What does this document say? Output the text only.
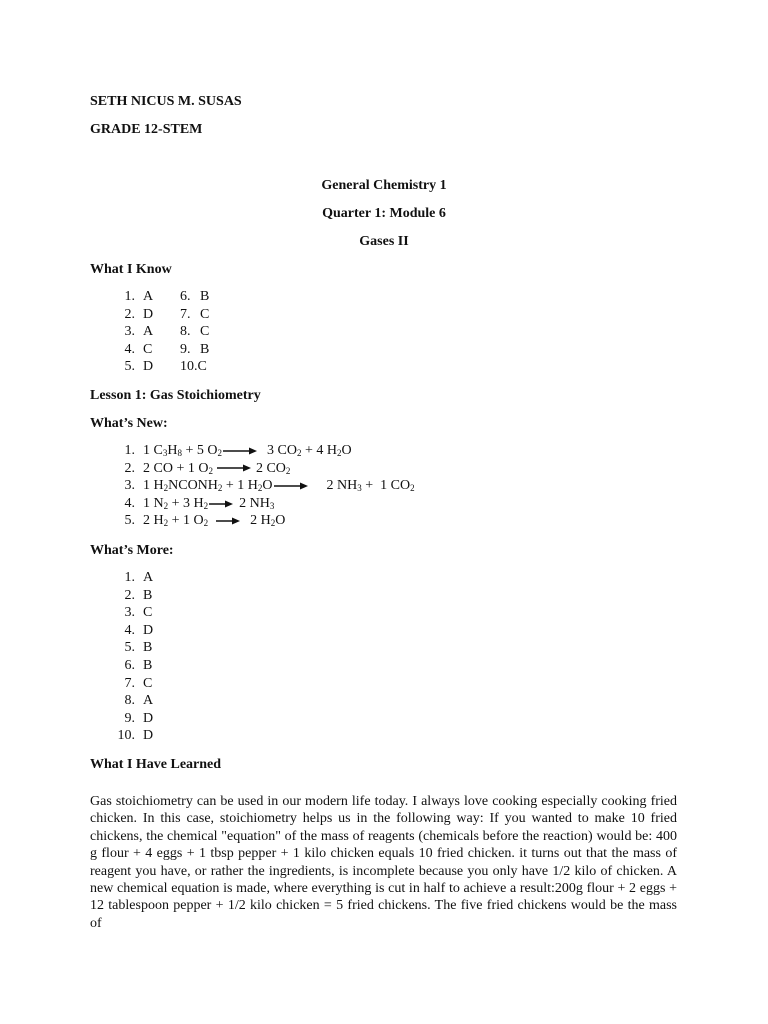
SETH NICUS M. SUSAS
GRADE 12-STEM
General Chemistry 1
Quarter 1: Module 6
Gases II
What I Know
1. A
2. D
3. A
4. C
5. D
6. B
7. C
8. C
9. B
10.C
Lesson 1: Gas Stoichiometry
What’s New:
1. 1 $C_3H_8 + 5$ $O_2$	3 $CO_2 + 4$ $H_2O$
2. 2 CO + 1 $O_2$	2 $CO_2$
3. 1 $H_2NCONH_2 + 1$ $H_2O$	2 $NH_3 + 1$ $CO_2$
4. 1 $N_2 + 3$ $H_2$ 2 $NH_3$
5. 2 $H_2 + 1$ $O_2$	2 $H_2O$
What’s More:
1. A
2. B
3. C
4. D
5. B
6. B
7. C
8. A
9. D
10. D
What I Have Learned
Gas stoichiometry can be used in our modern life today. I always love cooking especially cooking fried chicken. In this case, stoichiometry helps us in the following way: If you wanted to make 10 fried chickens, the chemical "equation" of the mass of reagents (chemicals before the reaction) would be: 400 g flour + 4 eggs + 1 tbsp pepper + 1 kilo chicken equals 10 fried chicken. it turns out that the mass of reagent you have, or rather the ingredients, is incomplete because you only have 1/2 kilo of chicken. A new chemical equation is made, where everything is cut in half to achieve a result:200g flour + 2 eggs + 12 tablespoon pepper + 1/2 kilo chicken = 5 fried chickens. The five fried chickens would be the mass of
